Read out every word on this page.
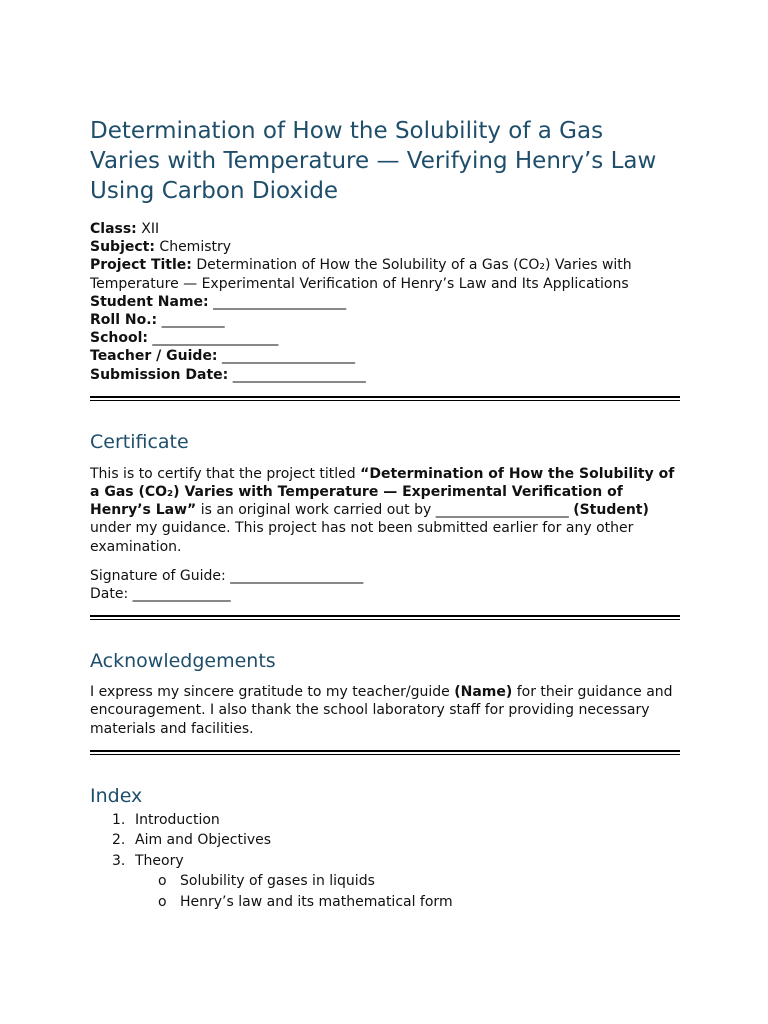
Determination of How the Solubility of a Gas Varies with Temperature — Verifying Henry’s Law Using Carbon Dioxide
Class: XII
Subject: Chemistry
Project Title: Determination of How the Solubility of a Gas (CO₂) Varies with Temperature — Experimental Verification of Henry’s Law and Its Applications
Student Name: ___________________
Roll No.: _________
School: __________________
Teacher / Guide: ___________________
Submission Date: ___________________
Certificate

This is to certify that the project titled “Determination of How the Solubility of a Gas (CO₂) Varies with Temperature — Experimental Verification of Henry’s Law” is an original work carried out by ___________________ (Student) under my guidance. This project has not been submitted earlier for any other examination.

Signature of Guide: ___________________

Date: ______________

Acknowledgements

I express my sincere gratitude to my teacher/guide (Name) for their guidance and encouragement. I also thank the school laboratory staff for providing necessary materials and facilities.

Index
1. Introduction
2. Aim and Objectives
3. Theory
o Solubility of gases in liquids
o Henry’s law and its mathematical form
